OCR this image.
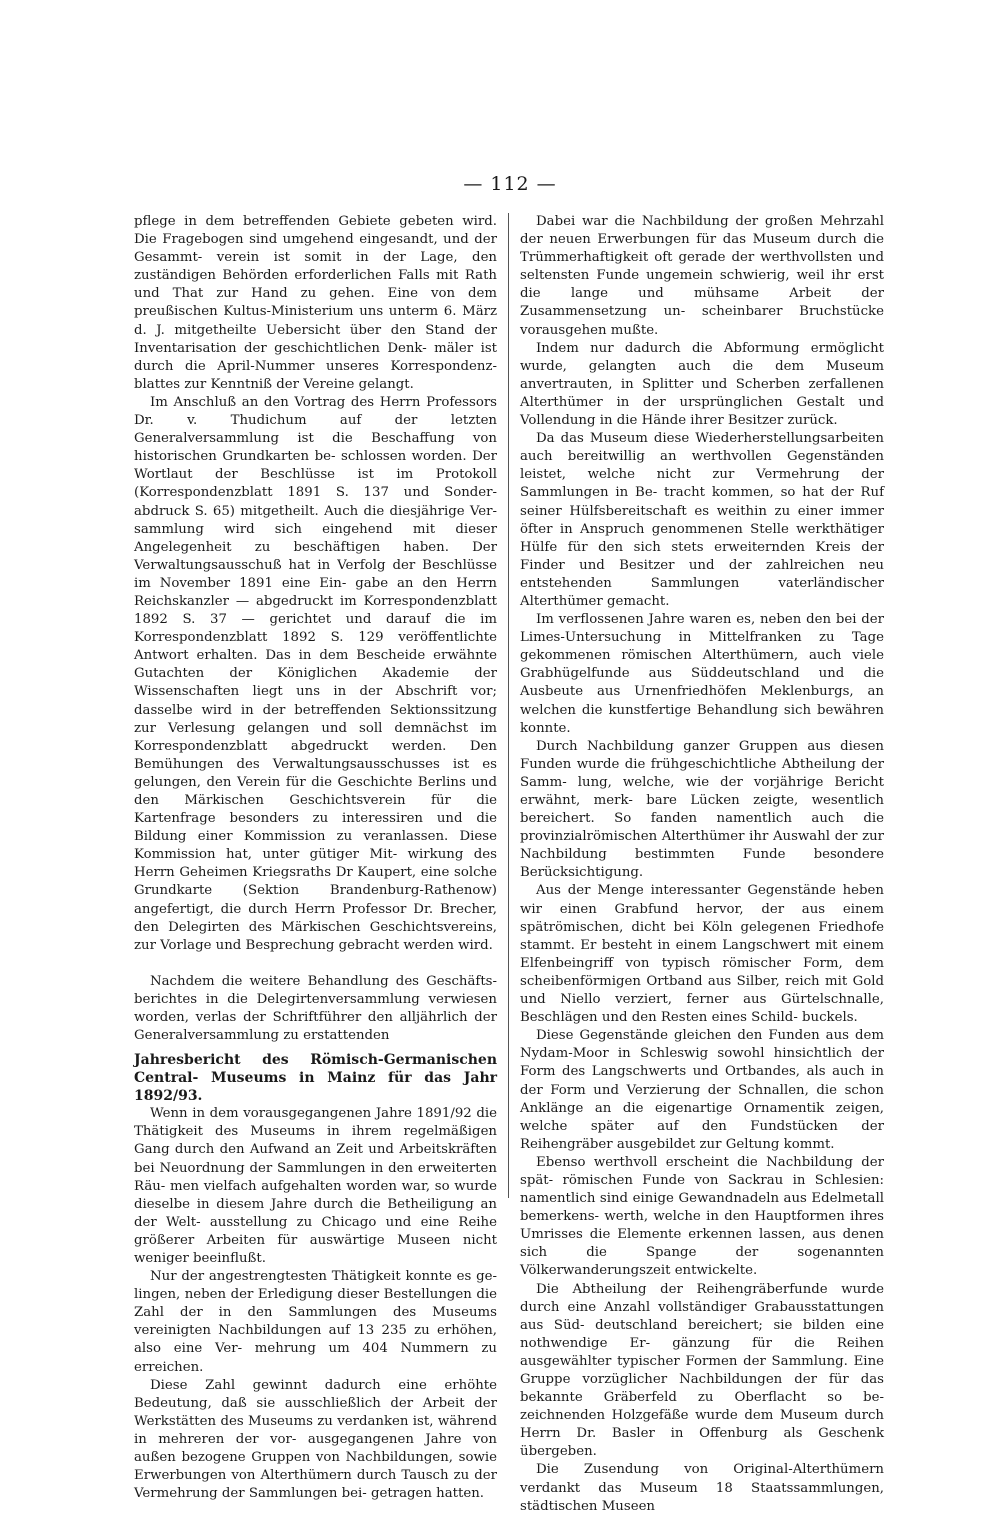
— 112 —

pflege in dem betreffenden Gebiete gebeten wird. Die Fragebogen sind umgehend eingesandt, und der Gesammt- verein ist somit in der Lage, den zuständigen Behörden erforderlichen Falls mit Rath und That zur Hand zu gehen. Eine von dem preußischen Kultus-Ministerium uns unterm 6. März d. J. mitgetheilte Uebersicht über den Stand der Inventarisation der geschichtlichen Denk- mäler ist durch die April-Nummer unseres Korrespondenz- blattes zur Kenntniß der Vereine gelangt.

Im Anschluß an den Vortrag des Herrn Professors Dr. v. Thudichum auf der letzten Generalversammlung ist die Beschaffung von historischen Grundkarten be- schlossen worden. Der Wortlaut der Beschlüsse ist im Protokoll (Korrespondenzblatt 1891 S. 137 und Sonder- abdruck S. 65) mitgetheilt. Auch die diesjährige Ver- sammlung wird sich eingehend mit dieser Angelegenheit zu beschäftigen haben. Der Verwaltungsausschuß hat in Verfolg der Beschlüsse im November 1891 eine Ein- gabe an den Herrn Reichskanzler — abgedruckt im Korrespondenzblatt 1892 S. 37 — gerichtet und darauf die im Korrespondenzblatt 1892 S. 129 veröffentlichte Antwort erhalten. Das in dem Bescheide erwähnte Gutachten der Königlichen Akademie der Wissenschaften liegt uns in der Abschrift vor; dasselbe wird in der betreffenden Sektionssitzung zur Verlesung gelangen und soll demnächst im Korrespondenzblatt abgedruckt werden. Den Bemühungen des Verwaltungsausschusses ist es gelungen, den Verein für die Geschichte Berlins und den Märkischen Geschichtsverein für die Kartenfrage besonders zu interessiren und die Bildung einer Kommission zu veranlassen. Diese Kommission hat, unter gütiger Mit- wirkung des Herrn Geheimen Kriegsraths Dr Kaupert, eine solche Grundkarte (Sektion Brandenburg-Rathenow) angefertigt, die durch Herrn Professor Dr. Brecher, den Delegirten des Märkischen Geschichtsvereins, zur Vorlage und Besprechung gebracht werden wird.

Nachdem die weitere Behandlung des Geschäfts- berichtes in die Delegirtenversammlung verwiesen worden, verlas der Schriftführer den alljährlich der Generalversammlung zu erstattenden

Jahresbericht des Römisch-Germanischen Central- Museums in Mainz für das Jahr 1892/93.

Wenn in dem vorausgegangenen Jahre 1891/92 die Thätigkeit des Museums in ihrem regelmäßigen Gang durch den Aufwand an Zeit und Arbeitskräften bei Neuordnung der Sammlungen in den erweiterten Räu- men vielfach aufgehalten worden war, so wurde dieselbe in diesem Jahre durch die Betheiligung an der Welt- ausstellung zu Chicago und eine Reihe größerer Arbeiten für auswärtige Museen nicht weniger beeinflußt.

Nur der angestrengtesten Thätigkeit konnte es ge- lingen, neben der Erledigung dieser Bestellungen die Zahl der in den Sammlungen des Museums vereinigten Nachbildungen auf 13 235 zu erhöhen, also eine Ver- mehrung um 404 Nummern zu erreichen.

Diese Zahl gewinnt dadurch eine erhöhte Bedeutung, daß sie ausschließlich der Arbeit der Werkstätten des Museums zu verdanken ist, während in mehreren der vor- ausgegangenen Jahre von außen bezogene Gruppen von Nachbildungen, sowie Erwerbungen von Alterthümern durch Tausch zu der Vermehrung der Sammlungen bei- getragen hatten.

Dabei war die Nachbildung der großen Mehrzahl der neuen Erwerbungen für das Museum durch die Trümmerhaftigkeit oft gerade der werthvollsten und seltensten Funde ungemein schwierig, weil ihr erst die lange und mühsame Arbeit der Zusammensetzung un- scheinbarer Bruchstücke vorausgehen mußte.

Indem nur dadurch die Abformung ermöglicht wurde, gelangten auch die dem Museum anvertrauten, in Splitter und Scherben zerfallenen Alterthümer in der ursprünglichen Gestalt und Vollendung in die Hände ihrer Besitzer zurück.

Da das Museum diese Wiederherstellungsarbeiten auch bereitwillig an werthvollen Gegenständen leistet, welche nicht zur Vermehrung der Sammlungen in Be- tracht kommen, so hat der Ruf seiner Hülfsbereitschaft es weithin zu einer immer öfter in Anspruch genommenen Stelle werkthätiger Hülfe für den sich stets erweiternden Kreis der Finder und Besitzer und der zahlreichen neu entstehenden Sammlungen vaterländischer Alterthümer gemacht.

Im verflossenen Jahre waren es, neben den bei der Limes-Untersuchung in Mittelfranken zu Tage gekommenen römischen Alterthümern, auch viele Grabhügelfunde aus Süddeutschland und die Ausbeute aus Urnenfriedhöfen Meklenburgs, an welchen die kunstfertige Behandlung sich bewähren konnte.

Durch Nachbildung ganzer Gruppen aus diesen Funden wurde die frühgeschichtliche Abtheilung der Samm- lung, welche, wie der vorjährige Bericht erwähnt, merk- bare Lücken zeigte, wesentlich bereichert. So fanden namentlich auch die provinzialrömischen Alterthümer ihr Auswahl der zur Nachbildung bestimmten Funde besondere Berücksichtigung.

Aus der Menge interessanter Gegenstände heben wir einen Grabfund hervor, der aus einem spätrömischen, dicht bei Köln gelegenen Friedhofe stammt. Er besteht in einem Langschwert mit einem Elfenbeingriff von typisch römischer Form, dem scheibenförmigen Ortband aus Silber, reich mit Gold und Niello verziert, ferner aus Gürtelschnalle, Beschlägen und den Resten eines Schild- buckels.

Diese Gegenstände gleichen den Funden aus dem Nydam-Moor in Schleswig sowohl hinsichtlich der Form des Langschwerts und Ortbandes, als auch in der Form und Verzierung der Schnallen, die schon Anklänge an die eigenartige Ornamentik zeigen, welche später auf den Fundstücken der Reihengräber ausgebildet zur Geltung kommt.

Ebenso werthvoll erscheint die Nachbildung der spät- römischen Funde von Sackrau in Schlesien: namentlich sind einige Gewandnadeln aus Edelmetall bemerkens- werth, welche in den Hauptformen ihres Umrisses die Elemente erkennen lassen, aus denen sich die Spange der sogenannten Völkerwanderungszeit entwickelte.

Die Abtheilung der Reihengräberfunde wurde durch eine Anzahl vollständiger Grabausstattungen aus Süd- deutschland bereichert; sie bilden eine nothwendige Er- gänzung für die Reihen ausgewählter typischer Formen der Sammlung. Eine Gruppe vorzüglicher Nachbildungen der für das bekannte Gräberfeld zu Oberflacht so be- zeichnenden Holzgefäße wurde dem Museum durch Herrn Dr. Basler in Offenburg als Geschenk übergeben.

Die Zusendung von Original-Alterthümern verdankt das Museum 18 Staatssammlungen, städtischen Museen
